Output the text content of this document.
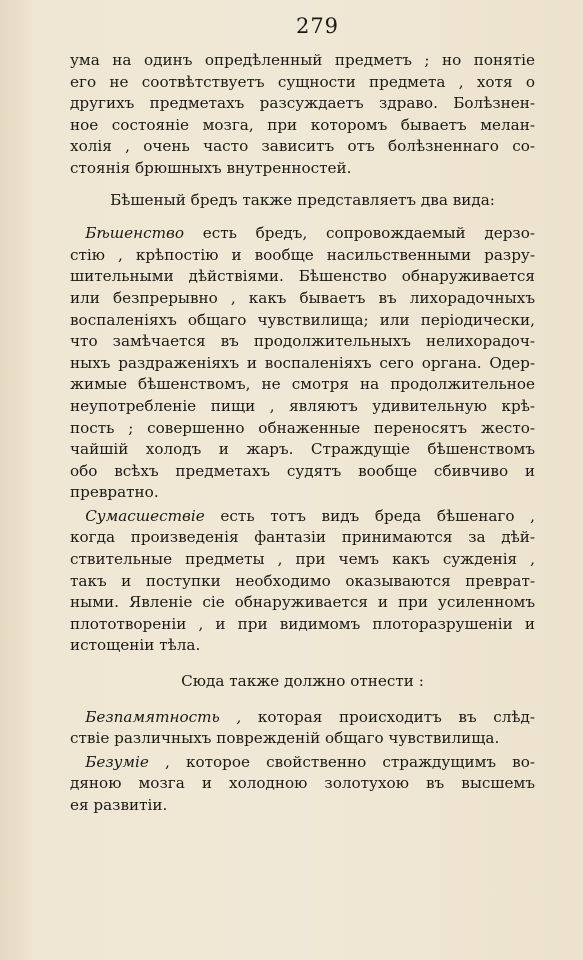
279
ума на одинъ опредѣленный предметъ ; но понятіе
его не соотвѣтствуетъ сущности предмета , хотя о
другихъ предметахъ разсуждаетъ здраво. Болѣзнен-
ное состояніе мозга, при которомъ бываетъ мелан-
холія , очень часто зависитъ отъ болѣзненнаго со-
стоянія брюшныхъ внутренностей.
Бѣшеный бредъ также представляетъ два вида:
 Бѣшенство есть бредъ, сопровождаемый дерзо-
стію , крѣпостію и вообще насильственными разру-
шительными дѣйствіями. Бѣшенство обнаруживается
или безпрерывно , какъ бываетъ въ лихорадочныхъ
воспаленіяхъ общаго чувствилища; или періодически,
что замѣчается въ продолжительныхъ нелихорадоч-
ныхъ раздраженіяхъ и воспаленіяхъ сего органа. Одер-
жимые бѣшенствомъ, не смотря на продолжительное
неупотребленіе пищи , являютъ удивительную крѣ-
пость ; совершенно обнаженные переносятъ жесто-
чайшій холодъ и жаръ. Страждущіе бѣшенствомъ
обо всѣхъ предметахъ судятъ вообще сбивчиво и
превратно.
 Сумасшествіе есть тотъ видъ бреда бѣшенаго ,
когда произведенія фантазіи принимаются за дѣй-
ствительные предметы , при чемъ какъ сужденія ,
такъ и поступки необходимо оказываются преврат-
ными. Явленіе сіе обнаруживается и при усиленномъ
плототвореніи , и при видимомъ плоторазрушеніи и
истощеніи тѣла.
Сюда также должно отнести :
 Безпамятность , которая происходитъ въ слѣд-
ствіе различныхъ поврежденій общаго чувствилища.
 Безуміе , которое свойственно страждущимъ во-
дяною мозга и холодною золотухою въ высшемъ
ея развитіи.
